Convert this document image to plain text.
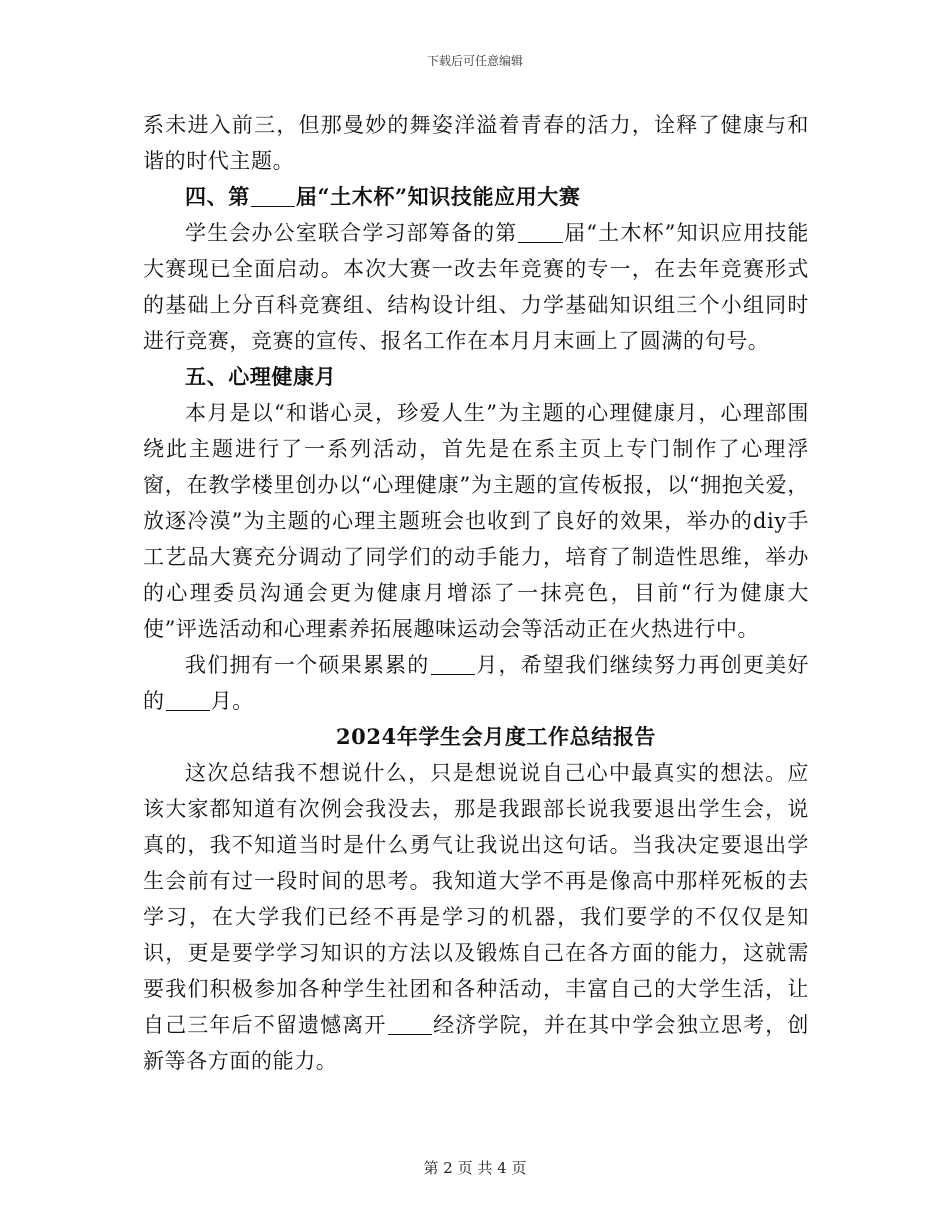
下载后可任意编辑

系未进入前三，但那曼妙的舞姿洋溢着青春的活力，诠释了健康与和谐的时代主题。

四、第 届“土木杯”知识技能应用大赛

学生会办公室联合学习部筹备的第 届“土木杯”知识应用技能大赛现已全面启动。本次大赛一改去年竞赛的专一，在去年竞赛形式的基础上分百科竞赛组、结构设计组、力学基础知识组三个小组同时进行竞赛，竞赛的宣传、报名工作在本月月末画上了圆满的句号。

五、心理健康月

本月是以“和谐心灵，珍爱人生”为主题的心理健康月，心理部围绕此主题进行了一系列活动，首先是在系主页上专门制作了心理浮窗，在教学楼里创办以“心理健康”为主题的宣传板报，以“拥抱关爱，放逐冷漠”为主题的心理主题班会也收到了良好的效果，举办的diy手工艺品大赛充分调动了同学们的动手能力，培育了制造性思维，举办的心理委员沟通会更为健康月增添了一抹亮色，目前“行为健康大使”评选活动和心理素养拓展趣味运动会等活动正在火热进行中。

我们拥有一个硕果累累的 月，希望我们继续努力再创更美好的 月。

2024年学生会月度工作总结报告

这次总结我不想说什么，只是想说说自己心中最真实的想法。应该大家都知道有次例会我没去，那是我跟部长说我要退出学生会，说真的，我不知道当时是什么勇气让我说出这句话。当我决定要退出学生会前有过一段时间的思考。我知道大学不再是像高中那样死板的去学习，在大学我们已经不再是学习的机器，我们要学的不仅仅是知识，更是要学学习知识的方法以及锻炼自己在各方面的能力，这就需要我们积极参加各种学生社团和各种活动，丰富自己的大学生活，让自己三年后不留遗憾离开 经济学院，并在其中学会独立思考，创新等各方面的能力。

第 2 页 共 4 页
